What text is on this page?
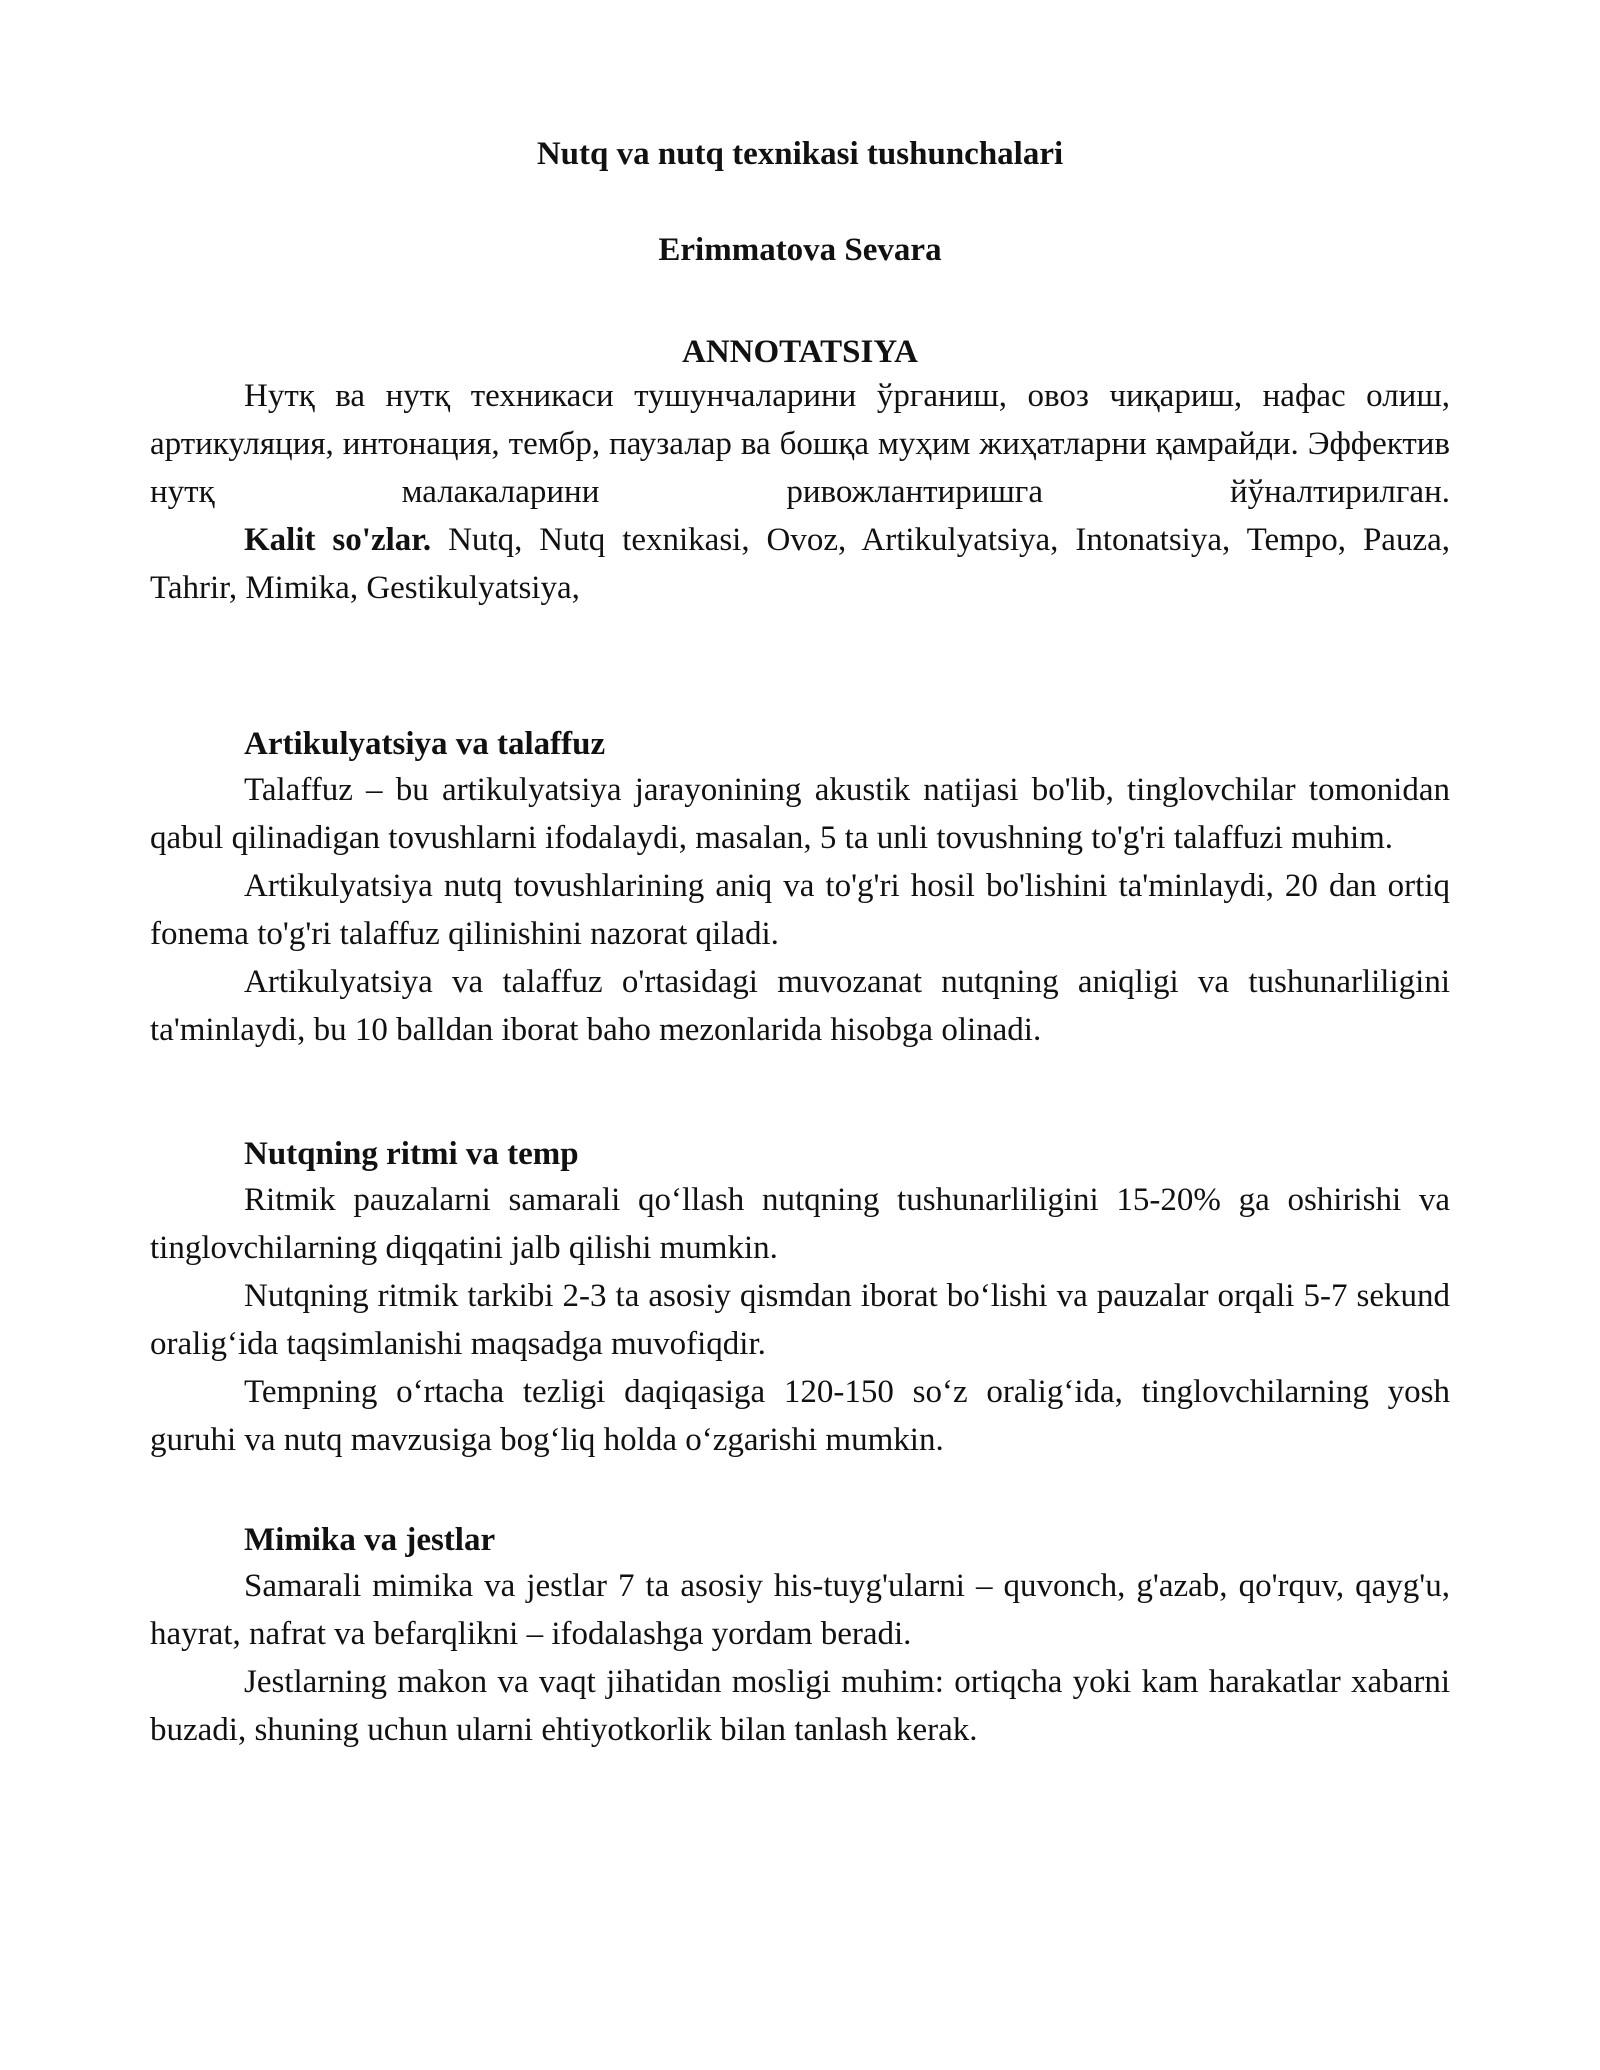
Nutq va nutq texnikasi tushunchalari
Erimmatova Sevara
ANNOTATSIYA

Нутқ ва нутқ техникаси тушунчаларини ўрганиш, овоз чиқариш, нафас олиш, артикуляция, интонация, тембр, паузалар ва бошқа муҳим жиҳатларни қамрайди. Эффектив нутқ малакаларини ривожлантиришга йўналтирилган.

Kalit so'zlar. Nutq, Nutq texnikasi, Ovoz, Artikulyatsiya, Intonatsiya, Tempo, Pauza, Tahrir, Mimika, Gestikulyatsiya,

Artikulyatsiya va talaffuz

Talaffuz – bu artikulyatsiya jarayonining akustik natijasi bo'lib, tinglovchilar tomonidan qabul qilinadigan tovushlarni ifodalaydi, masalan, 5 ta unli tovushning to'g'ri talaffuzi muhim.

Artikulyatsiya nutq tovushlarining aniq va to'g'ri hosil bo'lishini ta'minlaydi, 20 dan ortiq fonema to'g'ri talaffuz qilinishini nazorat qiladi.

Artikulyatsiya va talaffuz o'rtasidagi muvozanat nutqning aniqligi va tushunarliligini ta'minlaydi, bu 10 balldan iborat baho mezonlarida hisobga olinadi.

Nutqning ritmi va temp

Ritmik pauzalarni samarali qo‘llash nutqning tushunarliligini 15-20% ga oshirishi va tinglovchilarning diqqatini jalb qilishi mumkin.

Nutqning ritmik tarkibi 2-3 ta asosiy qismdan iborat bo‘lishi va pauzalar orqali 5-7 sekund oralig‘ida taqsimlanishi maqsadga muvofiqdir.

Tempning o‘rtacha tezligi daqiqasiga 120-150 so‘z oralig‘ida, tinglovchilarning yosh guruhi va nutq mavzusiga bog‘liq holda o‘zgarishi mumkin.

Mimika va jestlar

Samarali mimika va jestlar 7 ta asosiy his-tuyg'ularni – quvonch, g'azab, qo'rquv, qayg'u, hayrat, nafrat va befarqlikni – ifodalashga yordam beradi.

Jestlarning makon va vaqt jihatidan mosligi muhim: ortiqcha yoki kam harakatlar xabarni buzadi, shuning uchun ularni ehtiyotkorlik bilan tanlash kerak.
